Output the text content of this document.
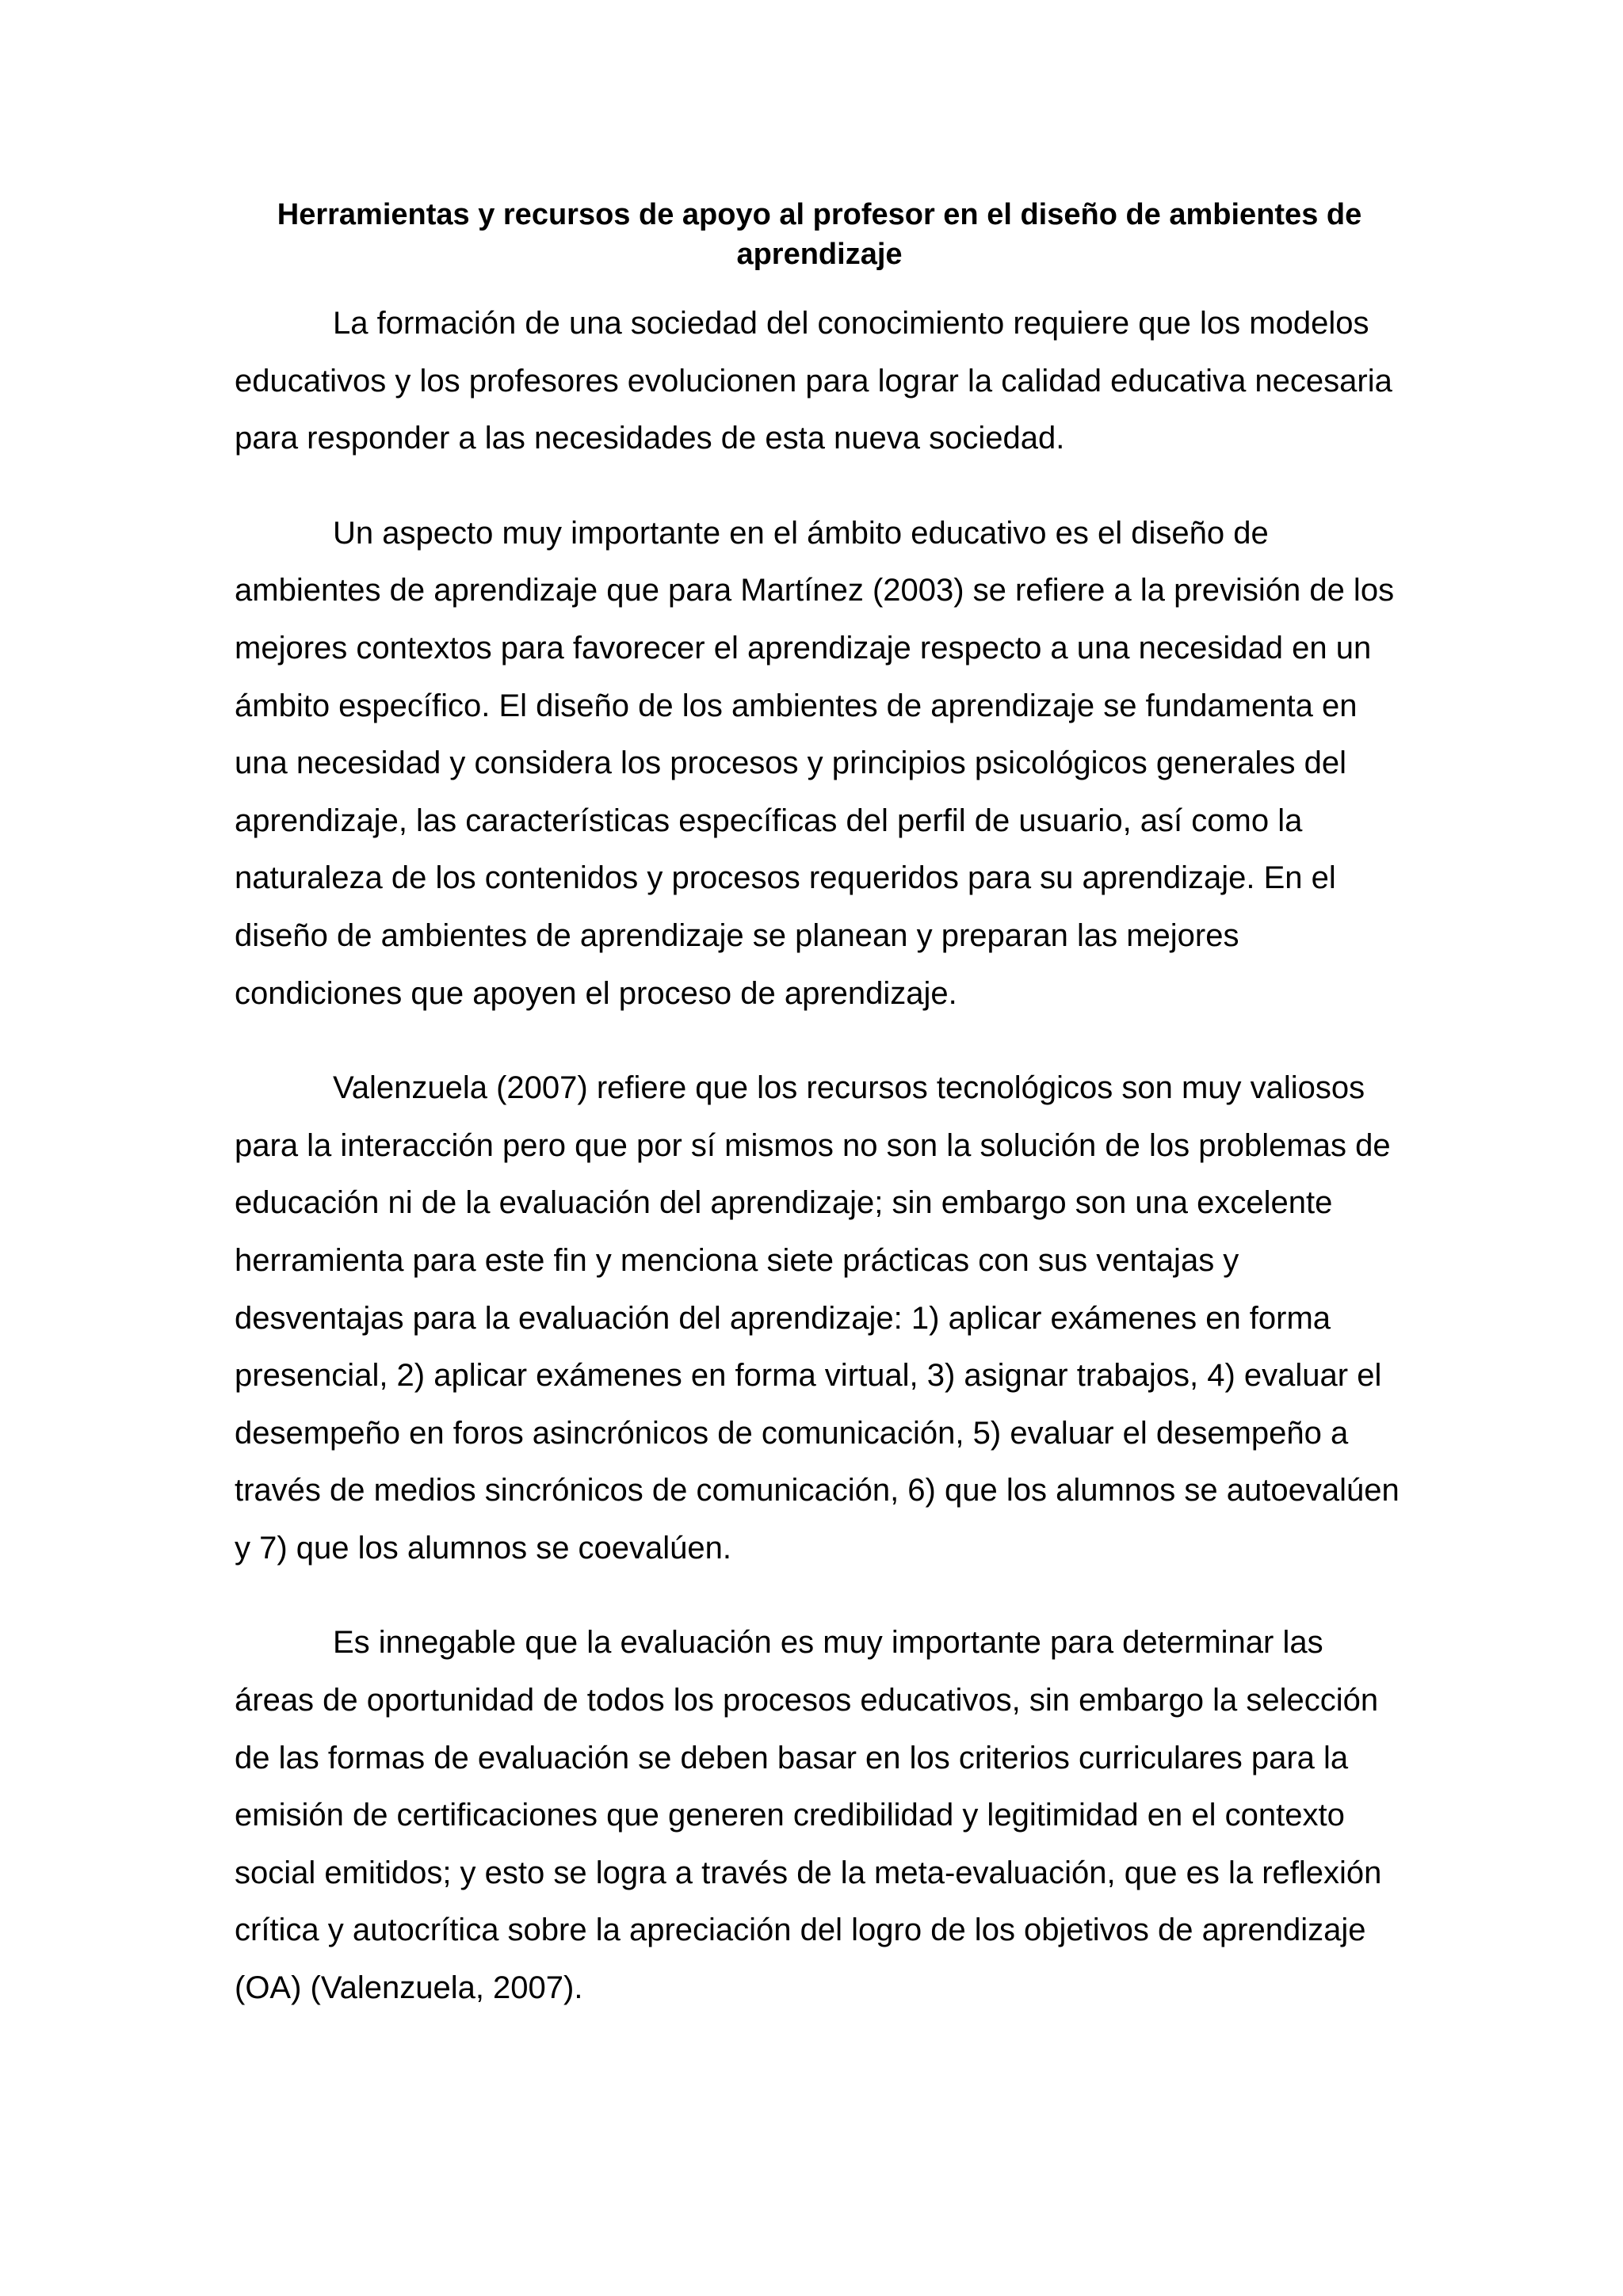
Herramientas y recursos de apoyo al profesor en el diseño de ambientes de aprendizaje

La formación de una sociedad del conocimiento requiere que los modelos educativos y los profesores evolucionen para lograr la calidad educativa necesaria para responder a las necesidades de esta nueva sociedad.

Un aspecto muy importante en el ámbito educativo es el diseño de ambientes de aprendizaje que para Martínez (2003) se refiere a la previsión de los mejores contextos para favorecer el aprendizaje respecto a una necesidad en un ámbito específico. El diseño de los ambientes de aprendizaje se fundamenta en una necesidad y considera los procesos y principios psicológicos generales del aprendizaje, las características específicas del perfil de usuario, así como la naturaleza de los contenidos y procesos requeridos para su aprendizaje. En el diseño de ambientes de aprendizaje se planean y preparan las mejores condiciones que apoyen el proceso de aprendizaje.

Valenzuela (2007) refiere que los recursos tecnológicos son muy valiosos para la interacción pero que por sí mismos no son la solución de los problemas de educación ni de la evaluación del aprendizaje; sin embargo son una excelente herramienta para este fin y menciona siete prácticas con sus ventajas y desventajas para la evaluación del aprendizaje: 1) aplicar exámenes en forma presencial, 2) aplicar exámenes en forma virtual, 3) asignar trabajos, 4) evaluar el desempeño en foros asincrónicos de comunicación, 5) evaluar el desempeño a través de medios sincrónicos de comunicación, 6) que los alumnos se autoevalúen y 7) que los alumnos se coevalúen.

Es innegable que la evaluación es muy importante para determinar las áreas de oportunidad de todos los procesos educativos, sin embargo la selección de las formas de evaluación se deben basar en los criterios curriculares para la emisión de certificaciones que generen credibilidad y legitimidad en el contexto social emitidos; y esto se logra a través de la meta-evaluación, que es la reflexión crítica y autocrítica sobre la apreciación del logro de los objetivos de aprendizaje (OA) (Valenzuela, 2007).
